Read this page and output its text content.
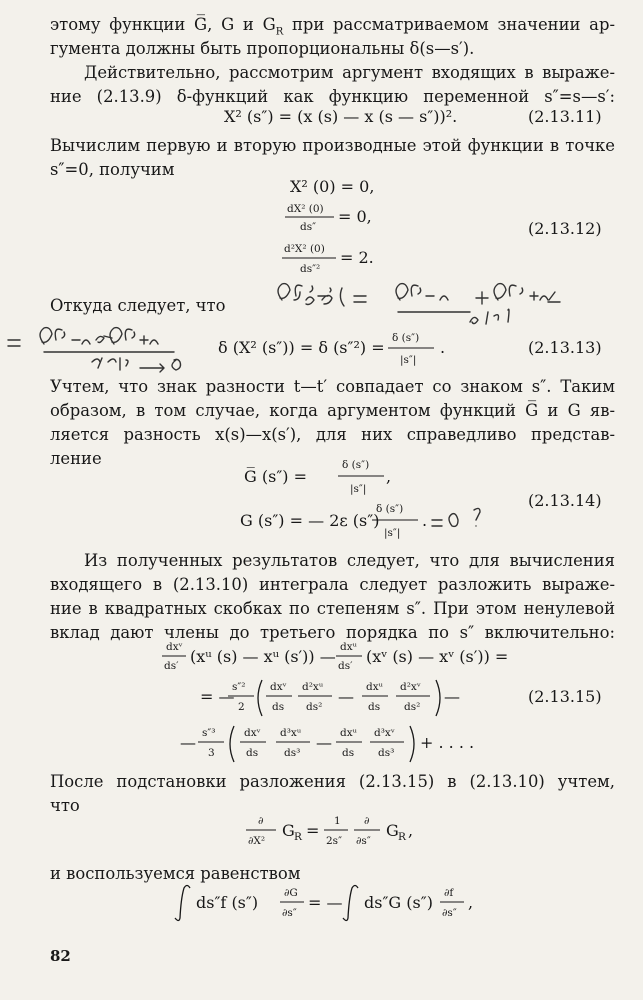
этому функции G̅, G и $G_R$ при рассматриваемом значении ар-
гумента должны быть пропорциональны δ(s—s′).
Действительно, рассмотрим аргумент входящих в выраже-
ние (2.13.9) δ-функций как функцию переменной s″=s—s′:
X² (s″) = (x (s) — x (s — s″))².	(2.13.11)
Вычислим первую и вторую производные этой функции в точке
s″=0, получим
X² (0) = 0,
dX² (0)
ds″
= 0,
d²X² (0)
ds″²
= 2.
(2.13.12)
Откуда следует, что
δ (X² (s″)) = δ (s″²) = δ (s″)
|s″|
.	(2.13.13)
Учтем, что знак разности t—t′ совпадает со знаком s″. Таким
образом, в том случае, когда аргументом функций G̅ и G яв-
ляется разность x(s)—x(s′), для них справедливо представ-
ление
G̅ (s″) =
δ (s″)
|s″|
,
G (s″) = — 2ε (s″)
δ (s″)
|s″|
.
(2.13.14)
Из полученных результатов следует, что для вычисления
входящего в (2.13.10) интеграла следует разложить выраже-
ние в квадратных скобках по степеням s″. При этом ненулевой
вклад дают члены до третьего порядка по s″ включительно:
dxᵛ
ds′ (xᵘ (s) — xᵘ (s′)) — dxᵘ
ds′ (xᵛ (s) — xᵛ (s′)) =
= —
s″²
2
dxᵛ
ds
d²xᵘ
ds²
— dxᵘ
ds
d²xᵛ
ds²
—	(2.13.15)
— s″³
3
dxᵛ
ds
d³xᵘ
ds³
— dxᵘ
ds
d³xᵛ
ds³
+ . . . .
После подстановки разложения (2.13.15) в (2.13.10) учтем,
что
∂
∂X²
G R = 1
2s″
∂
∂s″
G R ,
и воспользуемся равенством
ds″f (s″) ∂G
∂s″
= — ds″G (s″) ∂f
∂s″
,
82
